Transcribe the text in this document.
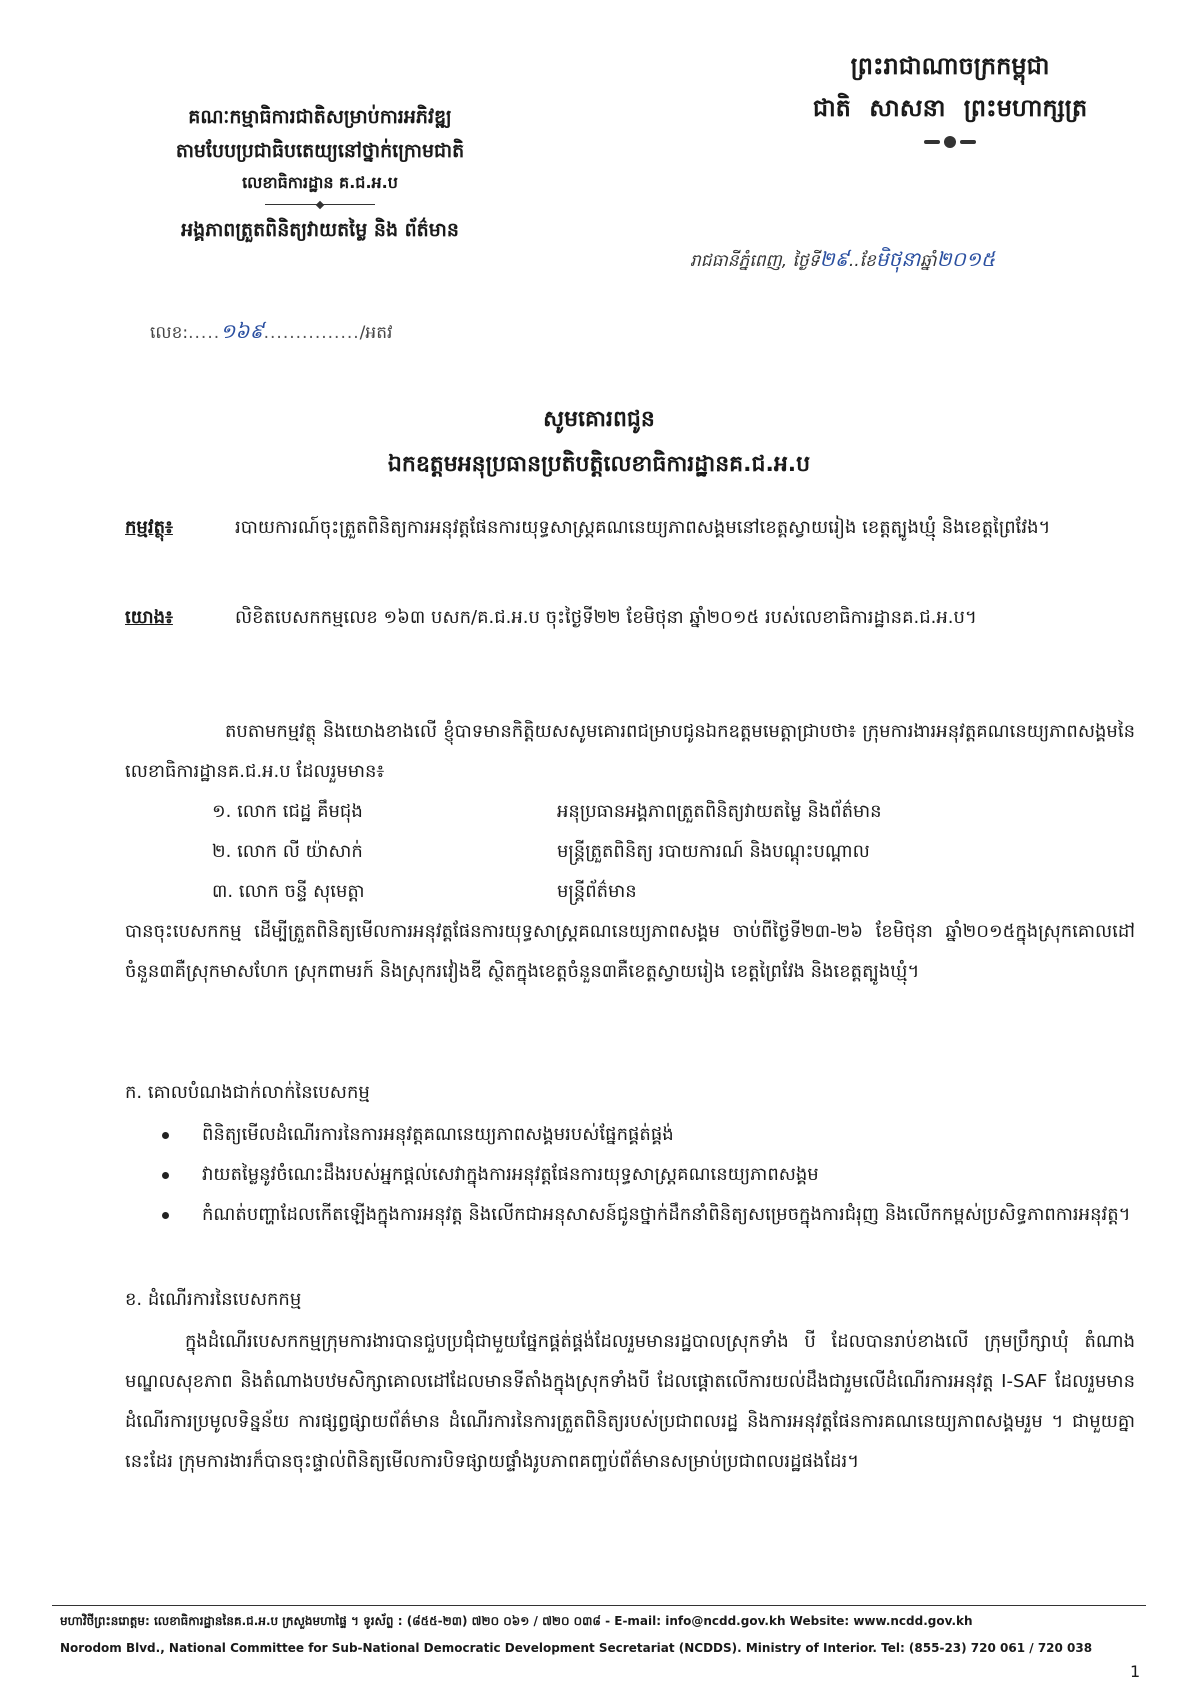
គណៈកម្មាធិការជាតិសម្រាប់ការអភិវឌ្ឍ
តាមបែបប្រជាធិបតេយ្យនៅថ្នាក់ក្រោមជាតិ
លេខាធិការដ្ឋាន គ.ជ.អ.ប
អង្គភាពត្រួតពិនិត្យវាយតម្លៃ និង ព័ត៌មាន
លេខ:.....១៦៩.............../អតវ
ព្រះរាជាណាចក្រកម្ពុជា
ជាតិ សាសនា ព្រះមហាក្សត្រ
រាជធានីភ្នំពេញ, ថ្ងៃទី២៩..ខែមិថុនាឆ្នាំ២០១៥
សូមគោរពជូន
ឯកឧត្តមអនុប្រធានប្រតិបត្តិលេខាធិការដ្ឋានគ.ជ.អ.ប
កម្មវត្ថុ៖	របាយការណ៍ចុះត្រួតពិនិត្យការអនុវត្តផែនការយុទ្ធសាស្ត្រគណនេយ្យភាពសង្គមនៅខេត្តស្វាយរៀង ខេត្តត្បូងឃ្មុំ និងខេត្តព្រៃវែង។
យោង៖	លិខិតបេសកកម្មលេខ ១៦៣ បសក/គ.ជ.អ.ប ចុះថ្ងៃទី២២ ខែមិថុនា ឆ្នាំ២០១៥ របស់លេខាធិការដ្ឋានគ.ជ.អ.ប។
តបតាមកម្មវត្ថុ និងយោងខាងលើ ខ្ញុំបាទមានកិត្តិយសសូមគោរពជម្រាបជូនឯកឧត្តមមេត្តាជ្រាបថា៖ ក្រុមការងារអនុវត្តគណនេយ្យភាពសង្គមនៃលេខាធិការដ្ឋានគ.ជ.អ.ប ដែលរួមមាន៖
១. លោក ជេដ្ឋ គឹមជុង	អនុប្រធានអង្គភាពត្រួតពិនិត្យវាយតម្លៃ និងព័ត៌មាន
២. លោក លី យ៉ាសាក់	មន្ត្រីត្រួតពិនិត្យ របាយការណ៍ និងបណ្តុះបណ្តាល
៣. លោក ចន្ទី សុមេត្តា	មន្ត្រីព័ត៌មាន
បានចុះបេសកកម្ម ដើម្បីត្រួតពិនិត្យមើលការអនុវត្តផែនការយុទ្ធសាស្ត្រគណនេយ្យភាពសង្គម ចាប់ពីថ្ងៃទី២៣-២៦ ខែមិថុនា ឆ្នាំ២០១៥ក្នុងស្រុកគោលដៅចំនួន៣គឺស្រុកមាសហែក ស្រុកពាមរក៍ និងស្រុករវៀងឌី ស្ថិតក្នុងខេត្តចំនួន៣គឺខេត្តស្វាយរៀង ខេត្តព្រៃវែង និងខេត្តត្បូងឃ្មុំ។
ក. គោលបំណងជាក់លាក់នៃបេសកម្ម
ពិនិត្យមើលដំណើរការនៃការអនុវត្តគណនេយ្យភាពសង្គមរបស់ផ្នែកផ្គត់ផ្គង់
វាយតម្លៃនូវចំណេះដឹងរបស់អ្នកផ្តល់សេវាក្នុងការអនុវត្តផែនការយុទ្ធសាស្ត្រគណនេយ្យភាពសង្គម
កំណត់បញ្ហាដែលកើតឡើងក្នុងការអនុវត្ត និងលើកជាអនុសាសន៍ជូនថ្នាក់ដឹកនាំពិនិត្យសម្រេចក្នុងការជំរុញ និងលើកកម្ពស់ប្រសិទ្ធភាពការអនុវត្ត។
ខ. ដំណើរការនៃបេសកកម្ម
ក្នុងដំណើរបេសកកម្មក្រុមការងារបានជួបប្រជុំជាមួយផ្នែកផ្គត់ផ្គង់ដែលរួមមានរដ្ឋបាលស្រុកទាំង បី ដែលបានរាប់ខាងលើ ក្រុមប្រឹក្សាឃុំ តំណាងមណ្ឌលសុខភាព និងតំណាងបឋមសិក្សាគោលដៅដែលមានទីតាំងក្នុងស្រុកទាំងបី ដែលផ្តោតលើការយល់ដឹងជារួមលើដំណើរការអនុវត្ត I-SAF ដែលរួមមានដំណើរការប្រមូលទិន្នន័យ ការផ្សព្វផ្សាយព័ត៌មាន ដំណើរការនៃការត្រួតពិនិត្យរបស់ប្រជាពលរដ្ឋ និងការអនុវត្តផែនការគណនេយ្យភាពសង្គមរួម ។ ជាមួយគ្នានេះដែរ ក្រុមការងារក៏បានចុះផ្ទាល់ពិនិត្យមើលការបិទផ្សាយផ្ទាំងរូបភាពគញ្ចប់ព័ត៌មានសម្រាប់ប្រជាពលរដ្ឋផងដែរ។
មហាវិថីព្រះនរោត្តម: លេខាធិការដ្ឋាននៃគ.ជ.អ.ប ក្រសួងមហាផ្ទៃ ។ ទូរស័ព្ទ : (៨៥៥-២៣) ៧២០ ០៦១ / ៧២០ ០៣៨ - E-mail: info@ncdd.gov.kh Website: www.ncdd.gov.kh
Norodom Blvd., National Committee for Sub-National Democratic Development Secretariat (NCDDS). Ministry of Interior. Tel: (855-23) 720 061 / 720 038
1
